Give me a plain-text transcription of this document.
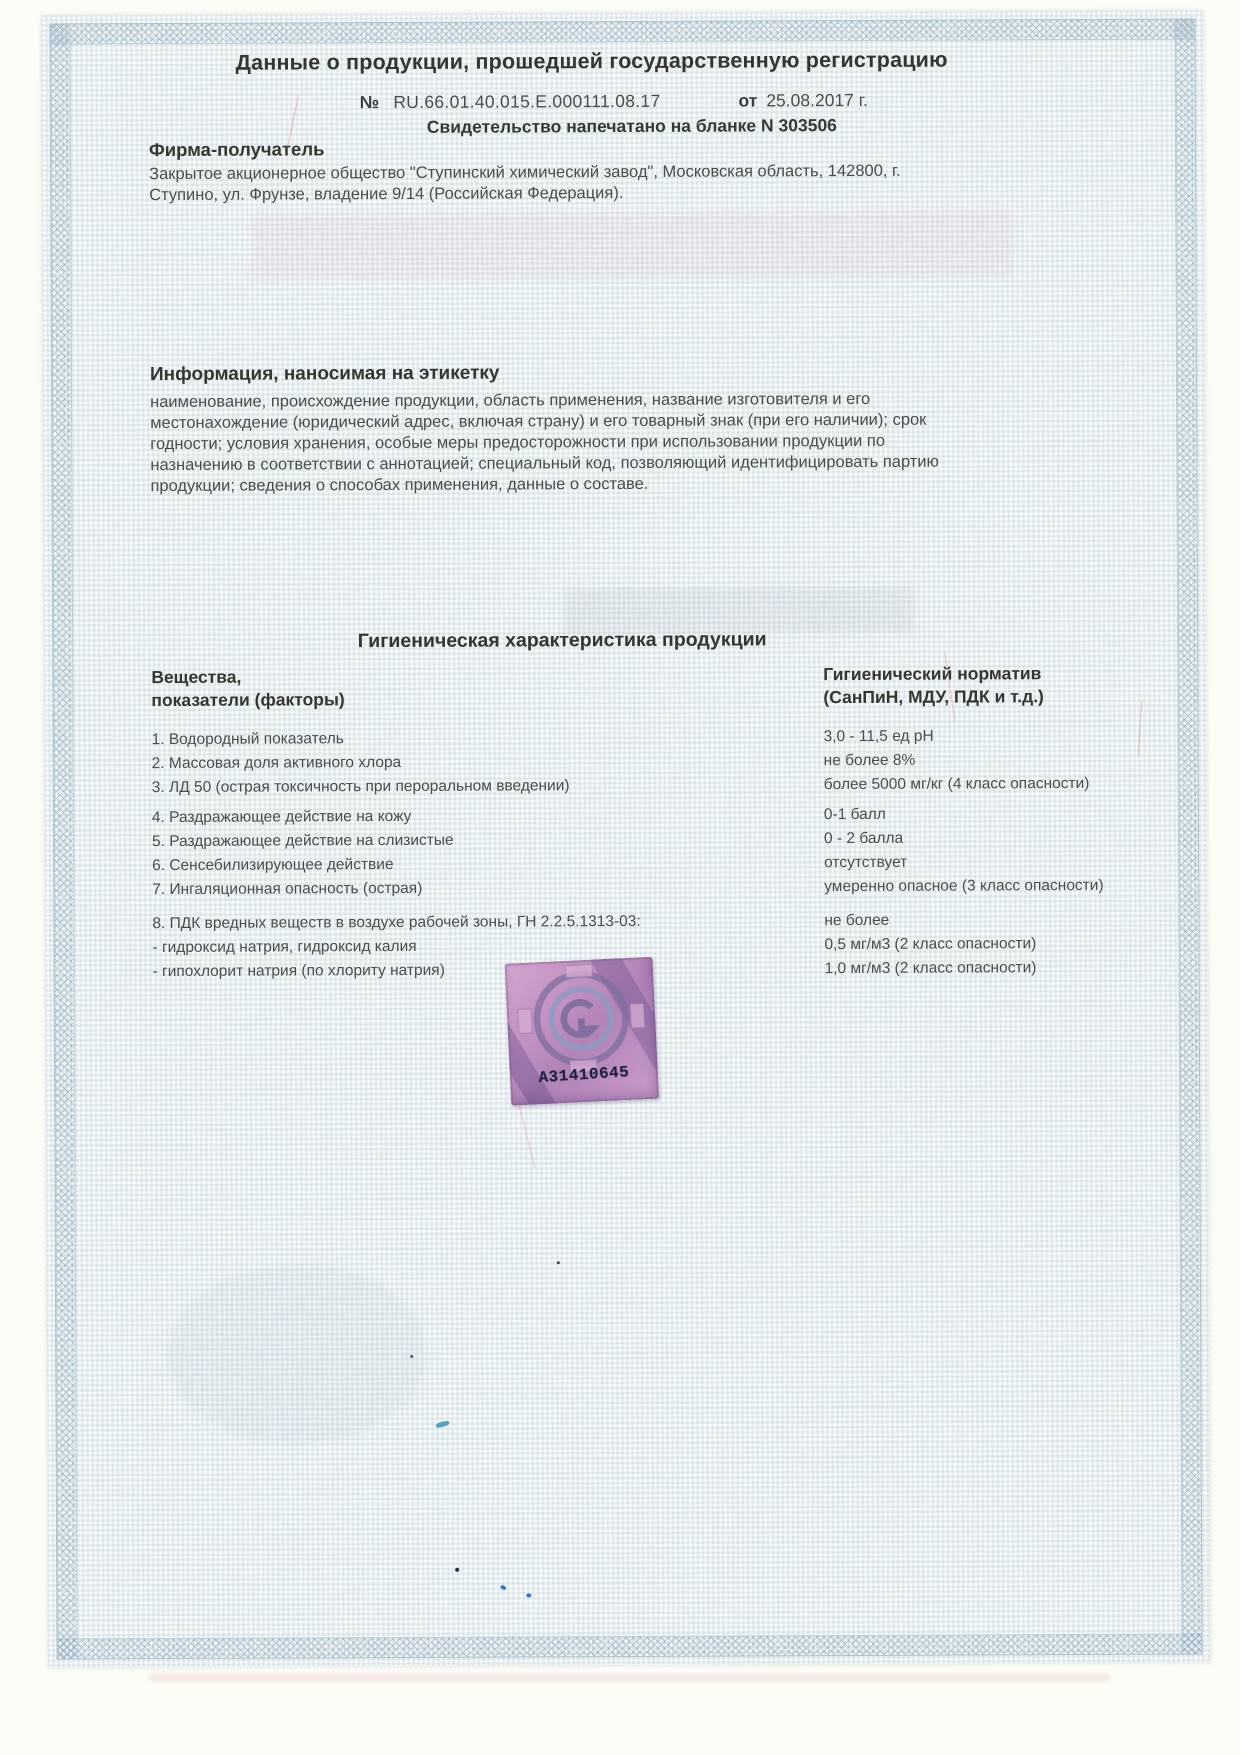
Данные о продукции, прошедшей государственную регистрацию
№ RU.66.01.40.015.E.000111.08.17	от 25.08.2017 г.
Свидетельство напечатано на бланке N 303506
Фирма-получатель
Закрытое акционерное общество "Ступинский химический завод", Московская область, 142800, г. Ступино, ул. Фрунзе, владение 9/14 (Российская Федерация).
Информация, наносимая на этикетку
наименование, происхождение продукции, область применения, название изготовителя и его местонахождение (юридический адрес, включая страну) и его товарный знак (при его наличии); срок годности; условия хранения, особые меры предосторожности при использовании продукции по назначению в соответствии с аннотацией; специальный код, позволяющий идентифицировать партию продукции; сведения о способах применения, данные о составе.
Гигиеническая характеристика продукции
Вещества,
показатели (факторы)
Гигиенический норматив
(СанПиН, МДУ, ПДК и т.д.)
1. Водородный показатель	3,0 - 11,5 ед рН
2. Массовая доля активного хлора	не более 8%
3. ЛД 50 (острая токсичность при пероральном введении)	более 5000 мг/кг (4 класс опасности)
4. Раздражающее действие на кожу	0-1 балл
5. Раздражающее действие на слизистые	0 - 2 балла
6. Сенсебилизирующее действие	отсутствует
7. Ингаляционная опасность (острая)	умеренно опасное (3 класс опасности)
8. ПДК вредных веществ в воздухе рабочей зоны, ГН 2.2.5.1313-03:	не более
- гидроксид натрия, гидроксид калия	0,5 мг/м3 (2 класс опасности)
- гипохлорит натрия (по хлориту натрия)	1,0 мг/м3 (2 класс опасности)
A31410645
